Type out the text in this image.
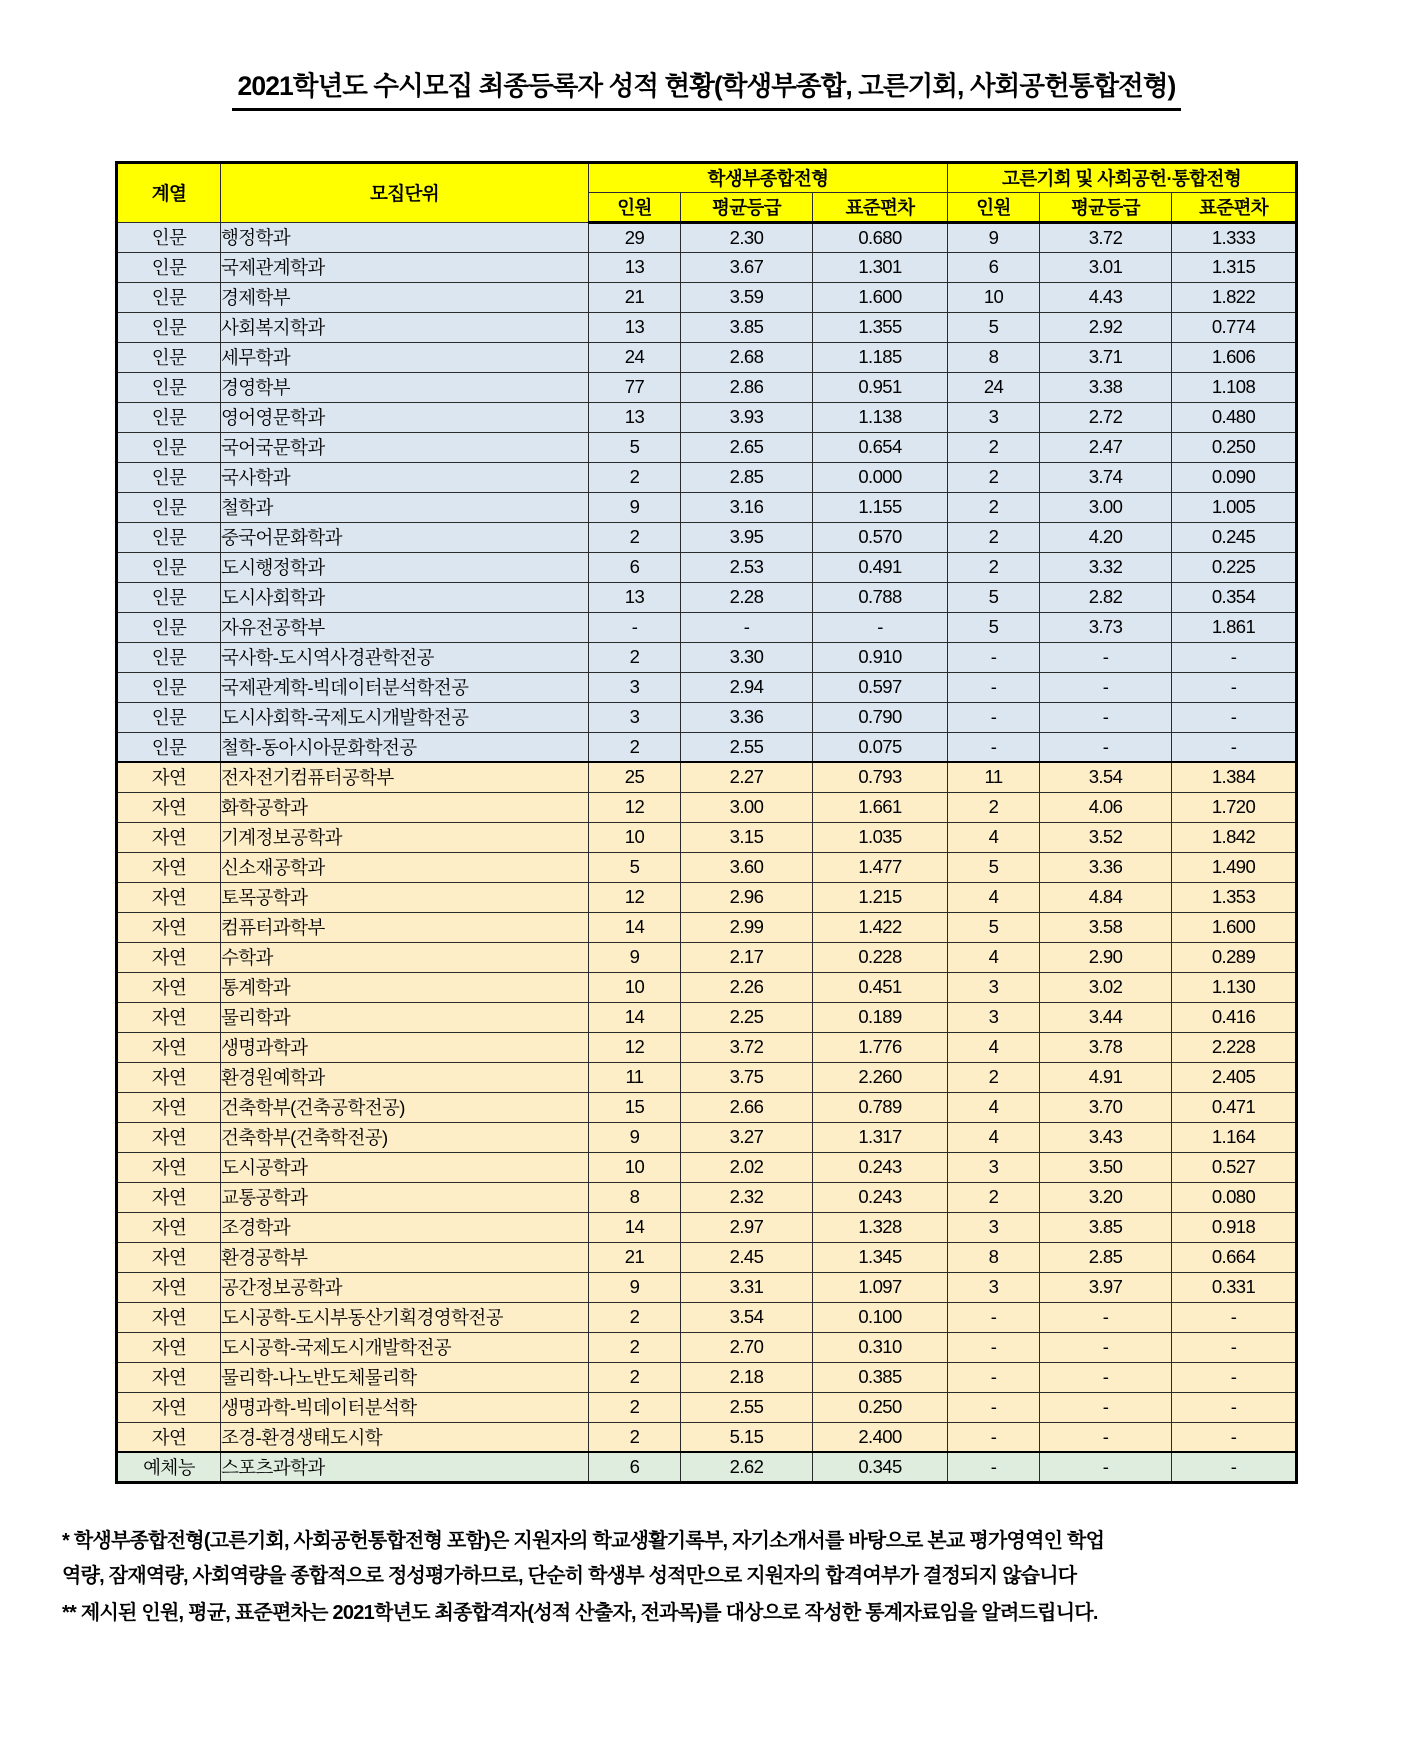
2021학년도 수시모집 최종등록자 성적 현황(학생부종합, 고른기회, 사회공헌통합전형)
계열	모집단위	학생부종합전형			고른기회 및 사회공헌·통합전형		
		인원	평균등급	표준편차	인원	평균등급	표준편차
인문	행정학과	29	2.30	0.680	9	3.72	1.333
인문	국제관계학과	13	3.67	1.301	6	3.01	1.315
인문	경제학부	21	3.59	1.600	10	4.43	1.822
인문	사회복지학과	13	3.85	1.355	5	2.92	0.774
인문	세무학과	24	2.68	1.185	8	3.71	1.606
인문	경영학부	77	2.86	0.951	24	3.38	1.108
인문	영어영문학과	13	3.93	1.138	3	2.72	0.480
인문	국어국문학과	5	2.65	0.654	2	2.47	0.250
인문	국사학과	2	2.85	0.000	2	3.74	0.090
인문	철학과	9	3.16	1.155	2	3.00	1.005
인문	중국어문화학과	2	3.95	0.570	2	4.20	0.245
인문	도시행정학과	6	2.53	0.491	2	3.32	0.225
인문	도시사회학과	13	2.28	0.788	5	2.82	0.354
인문	자유전공학부	-	-	-	5	3.73	1.861
인문	국사학-도시역사경관학전공	2	3.30	0.910	-	-	-
인문	국제관계학-빅데이터분석학전공	3	2.94	0.597	-	-	-
인문	도시사회학-국제도시개발학전공	3	3.36	0.790	-	-	-
인문	철학-동아시아문화학전공	2	2.55	0.075	-	-	-
자연	전자전기컴퓨터공학부	25	2.27	0.793	11	3.54	1.384
자연	화학공학과	12	3.00	1.661	2	4.06	1.720
자연	기계정보공학과	10	3.15	1.035	4	3.52	1.842
자연	신소재공학과	5	3.60	1.477	5	3.36	1.490
자연	토목공학과	12	2.96	1.215	4	4.84	1.353
자연	컴퓨터과학부	14	2.99	1.422	5	3.58	1.600
자연	수학과	9	2.17	0.228	4	2.90	0.289
자연	통계학과	10	2.26	0.451	3	3.02	1.130
자연	물리학과	14	2.25	0.189	3	3.44	0.416
자연	생명과학과	12	3.72	1.776	4	3.78	2.228
자연	환경원예학과	11	3.75	2.260	2	4.91	2.405
자연	건축학부(건축공학전공)	15	2.66	0.789	4	3.70	0.471
자연	건축학부(건축학전공)	9	3.27	1.317	4	3.43	1.164
자연	도시공학과	10	2.02	0.243	3	3.50	0.527
자연	교통공학과	8	2.32	0.243	2	3.20	0.080
자연	조경학과	14	2.97	1.328	3	3.85	0.918
자연	환경공학부	21	2.45	1.345	8	2.85	0.664
자연	공간정보공학과	9	3.31	1.097	3	3.97	0.331
자연	도시공학-도시부동산기획경영학전공	2	3.54	0.100	-	-	-
자연	도시공학-국제도시개발학전공	2	2.70	0.310	-	-	-
자연	물리학-나노반도체물리학	2	2.18	0.385	-	-	-
자연	생명과학-빅데이터분석학	2	2.55	0.250	-	-	-
자연	조경-환경생태도시학	2	5.15	2.400	-	-	-
예체능	스포츠과학과	6	2.62	0.345	-	-	-

* 학생부종합전형(고른기회, 사회공헌통합전형 포함)은 지원자의 학교생활기록부, 자기소개서를 바탕으로 본교 평가영역인 학업

역량, 잠재역량, 사회역량을 종합적으로 정성평가하므로, 단순히 학생부 성적만으로 지원자의 합격여부가 결정되지 않습니다

** 제시된 인원, 평균, 표준편차는 2021학년도 최종합격자(성적 산출자, 전과목)를 대상으로 작성한 통계자료임을 알려드립니다.
